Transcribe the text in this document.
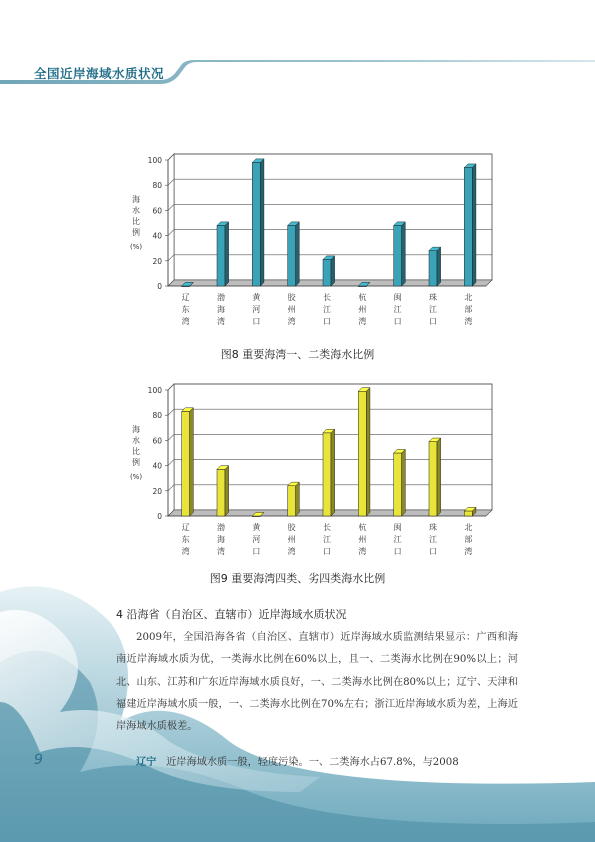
全国近岸海域水质状况
0
20
40
60
80
100
海
水
比
例
(%)
辽
东
湾
渤
海
湾
黄
河
口
胶
州
湾
长
江
口
杭
州
湾
闽
江
口
珠
江
口
北
部
湾
图8 重要海湾一、二类海水比例
0
20
40
60
80
100
海
水
比
例
(%)
辽
东
湾
渤
海
湾
黄
河
口
胶
州
湾
长
江
口
杭
州
湾
闽
江
口
珠
江
口
北
部
湾
图9 重要海湾四类、劣四类海水比例
4 沿海省（自治区、直辖市）近岸海域水质状况

2009年，全国沿海各省（自治区、直辖市）近岸海域水质监测结果显示：广西和海南近岸海域水质为优，一类海水比例在60%以上，且一、二类海水比例在90%以上；河北、山东、江苏和广东近岸海域水质良好，一、二类海水比例在80%以上；辽宁、天津和福建近岸海域水质一般，一、二类海水比例在70%左右；浙江近岸海域水质为差，上海近岸海域水质极差。

辽宁 近岸海域水质一般，轻度污染。一、二类海水占67.8%，与2008

9
